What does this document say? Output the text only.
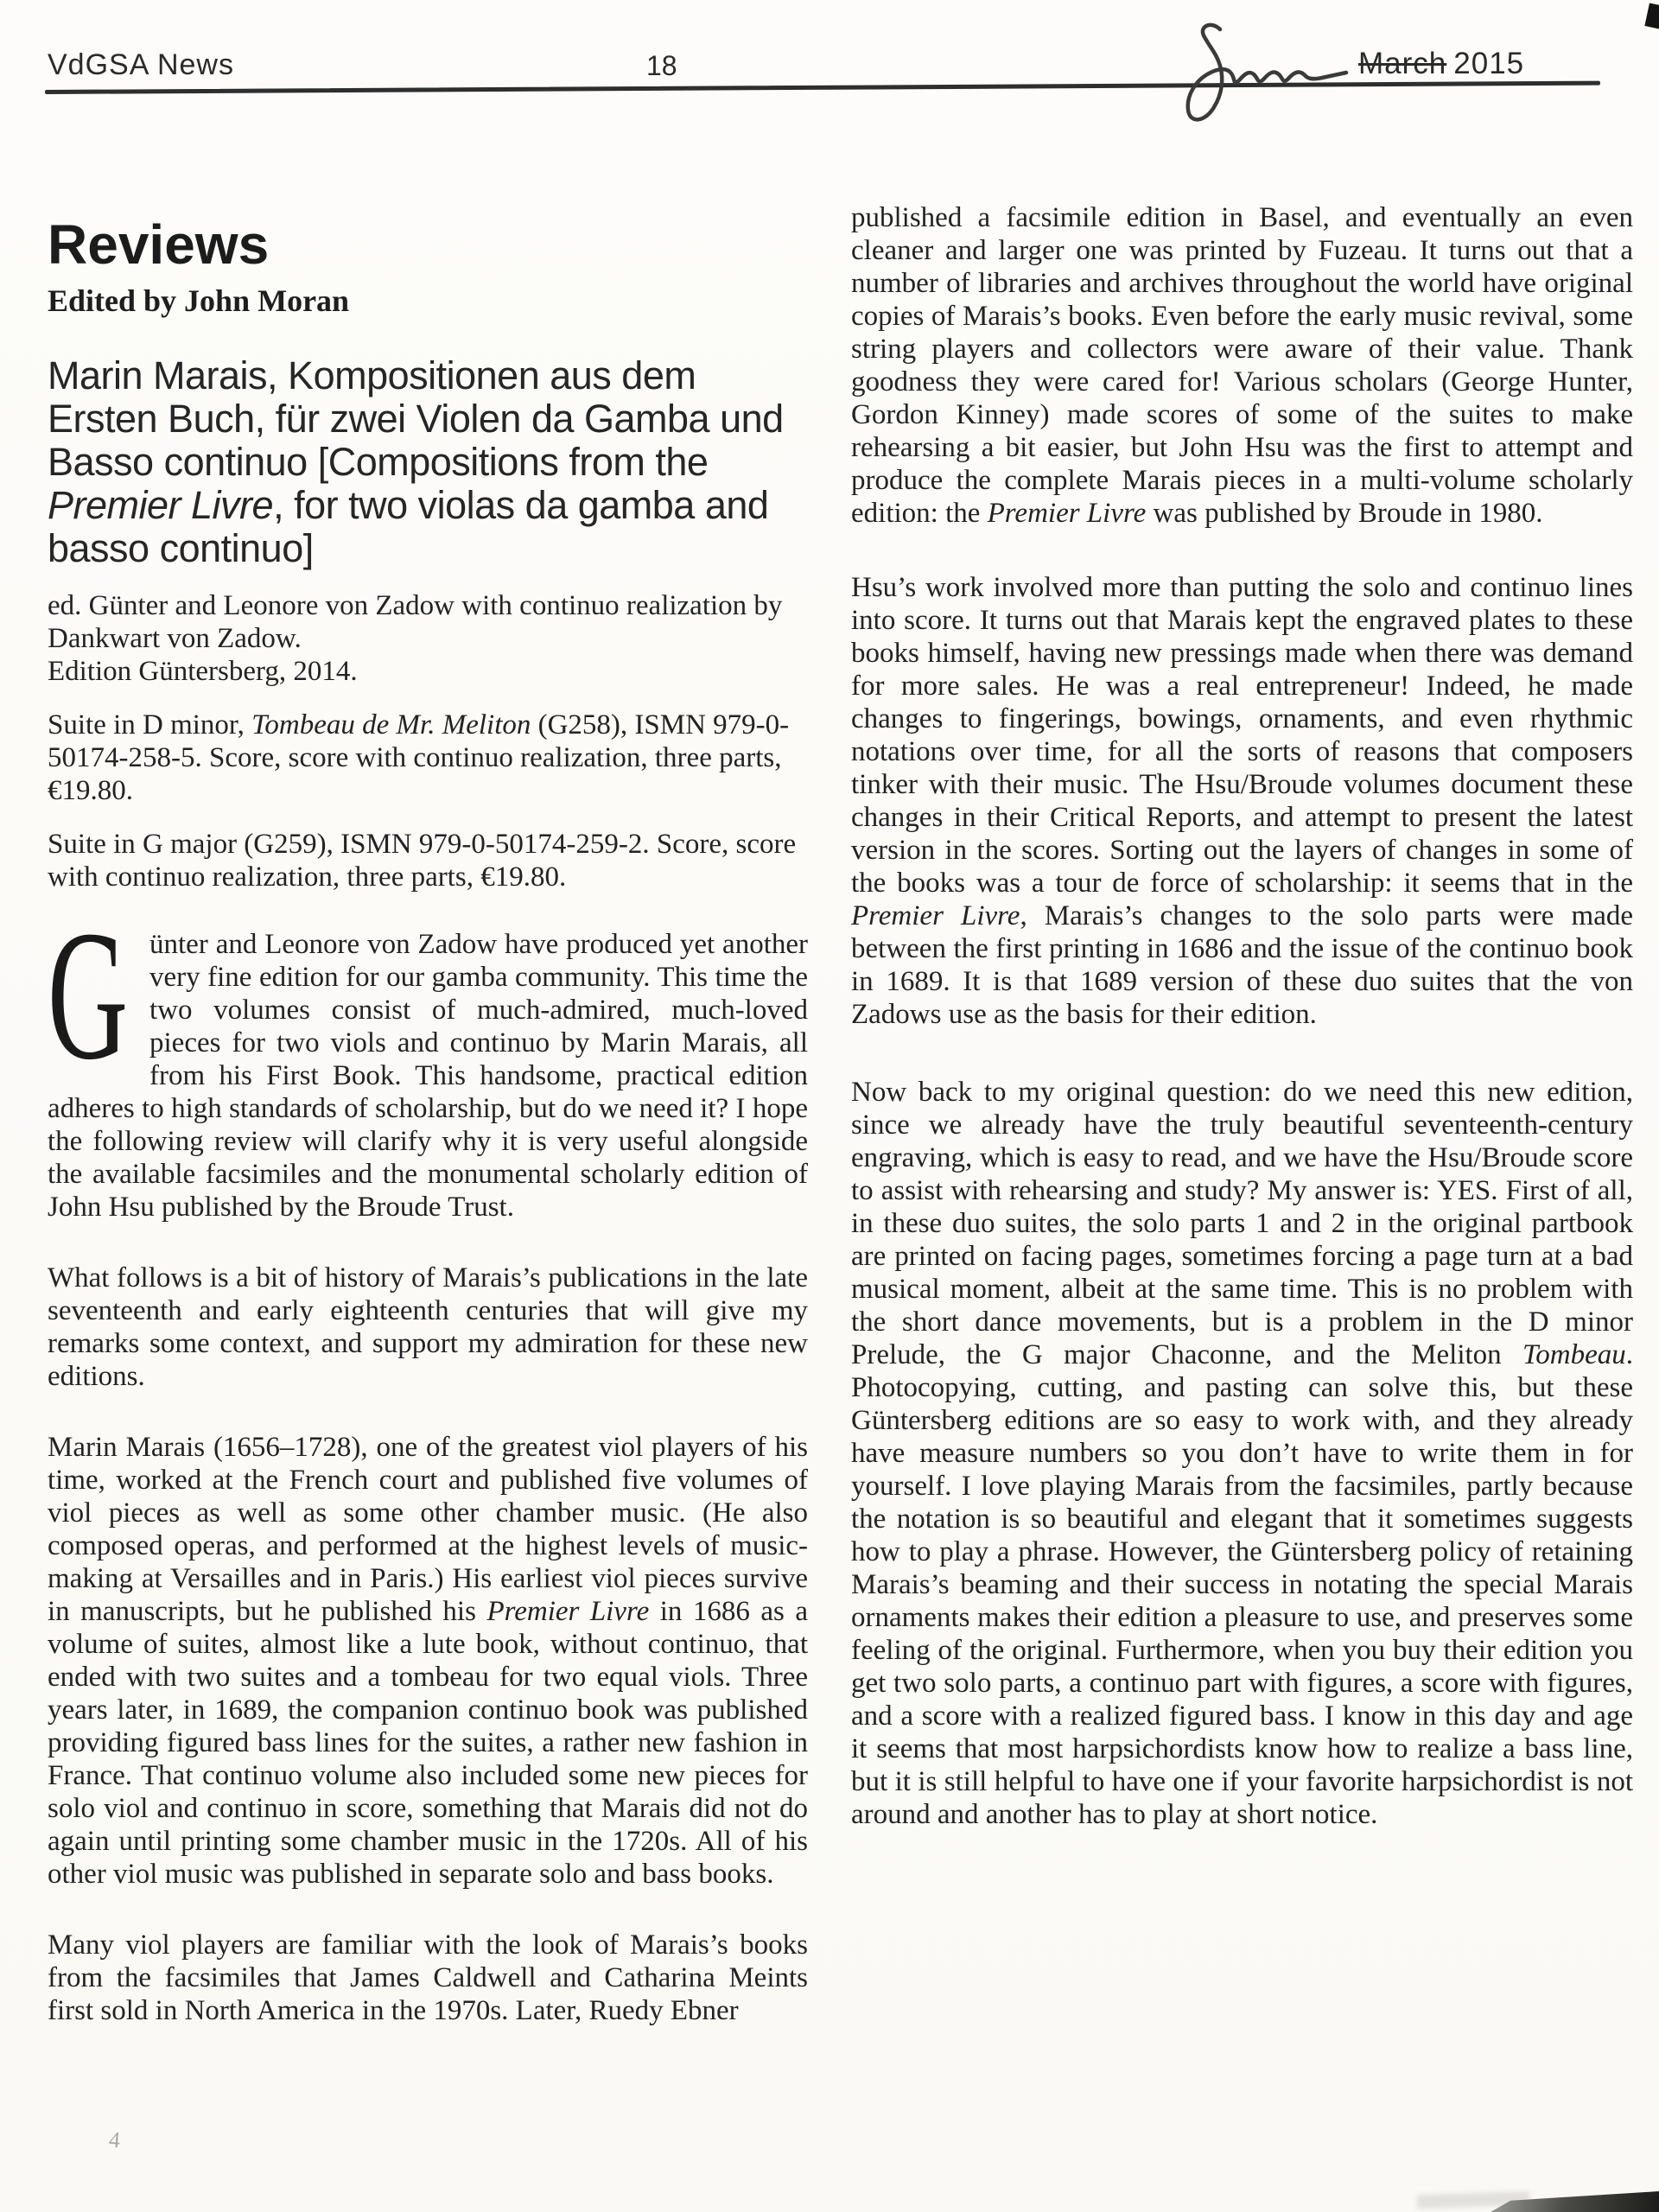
VdGSA News	18	March  2015
Reviews
Edited by John Moran
Marin Marais, Kompositionen aus dem Ersten Buch, für zwei Violen da Gamba und Basso continuo [Compositions from the Premier Livre, for two violas da gamba and basso continuo]

ed. Günter and Leonore von Zadow with continuo realization by Dankwart von Zadow.

Edition Güntersberg, 2014.

Suite in D minor, Tombeau de Mr. Meliton (G258), ISMN 979-0-50174-258-5. Score, score with continuo realization, three parts, €19.80.

Suite in G major (G259), ISMN 979-0-50174-259-2. Score, score with continuo realization, three parts, €19.80.

G ünter and Leonore von Zadow have produced yet another very fine edition for our gamba community. This time the two volumes consist of much-admired, much-loved pieces for two viols and continuo by Marin Marais, all from his First Book. This handsome, practical edition adheres to high standards of scholarship, but do we need it? I hope the following review will clarify why it is very useful alongside the available facsimiles and the monumental scholarly edition of John Hsu published by the Broude Trust.

What follows is a bit of history of Marais’s publications in the late seventeenth and early eighteenth centuries that will give my remarks some context, and support my admiration for these new editions.

Marin Marais (1656–1728), one of the greatest viol players of his time, worked at the French court and published five volumes of viol pieces as well as some other chamber music. (He also composed operas, and performed at the highest levels of music-making at Versailles and in Paris.) His earliest viol pieces survive in manuscripts, but he published his Premier Livre in 1686 as a volume of suites, almost like a lute book, without continuo, that ended with two suites and a tombeau for two equal viols. Three years later, in 1689, the companion continuo book was published providing figured bass lines for the suites, a rather new fashion in France. That continuo volume also included some new pieces for solo viol and continuo in score, something that Marais did not do again until printing some chamber music in the 1720s. All of his other viol music was published in separate solo and bass books.

Many viol players are familiar with the look of Marais’s books from the facsimiles that James Caldwell and Catharina Meints first sold in North America in the 1970s. Later, Ruedy Ebner

published a facsimile edition in Basel, and eventually an even cleaner and larger one was printed by Fuzeau. It turns out that a number of libraries and archives throughout the world have original copies of Marais’s books. Even before the early music revival, some string players and collectors were aware of their value. Thank goodness they were cared for! Various scholars (George Hunter, Gordon Kinney) made scores of some of the suites to make rehearsing a bit easier, but John Hsu was the first to attempt and produce the complete Marais pieces in a multi-volume scholarly edition: the Premier Livre was published by Broude in 1980.

Hsu’s work involved more than putting the solo and continuo lines into score. It turns out that Marais kept the engraved plates to these books himself, having new pressings made when there was demand for more sales. He was a real entrepreneur! Indeed, he made changes to fingerings, bowings, ornaments, and even rhythmic notations over time, for all the sorts of reasons that composers tinker with their music. The Hsu/Broude volumes document these changes in their Critical Reports, and attempt to present the latest version in the scores. Sorting out the layers of changes in some of the books was a tour de force of scholarship: it seems that in the Premier Livre, Marais’s changes to the solo parts were made between the first printing in 1686 and the issue of the continuo book in 1689. It is that 1689 version of these duo suites that the von Zadows use as the basis for their edition.

Now back to my original question: do we need this new edition, since we already have the truly beautiful seventeenth-century engraving, which is easy to read, and we have the Hsu/Broude score to assist with rehearsing and study? My answer is: YES. First of all, in these duo suites, the solo parts 1 and 2 in the original partbook are printed on facing pages, sometimes forcing a page turn at a bad musical moment, albeit at the same time. This is no problem with the short dance movements, but is a problem in the D minor Prelude, the G major Chaconne, and the Meliton Tombeau. Photocopying, cutting, and pasting can solve this, but these Güntersberg editions are so easy to work with, and they already have measure numbers so you don’t have to write them in for yourself. I love playing Marais from the facsimiles, partly because the notation is so beautiful and elegant that it sometimes suggests how to play a phrase. However, the Güntersberg policy of retaining Marais’s beaming and their success in notating the special Marais ornaments makes their edition a pleasure to use, and preserves some feeling of the original. Furthermore, when you buy their edition you get two solo parts, a continuo part with figures, a score with figures, and a score with a realized figured bass. I know in this day and age it seems that most harpsichordists know how to realize a bass line, but it is still helpful to have one if your favorite harpsichordist is not around and another has to play at short notice.

4
